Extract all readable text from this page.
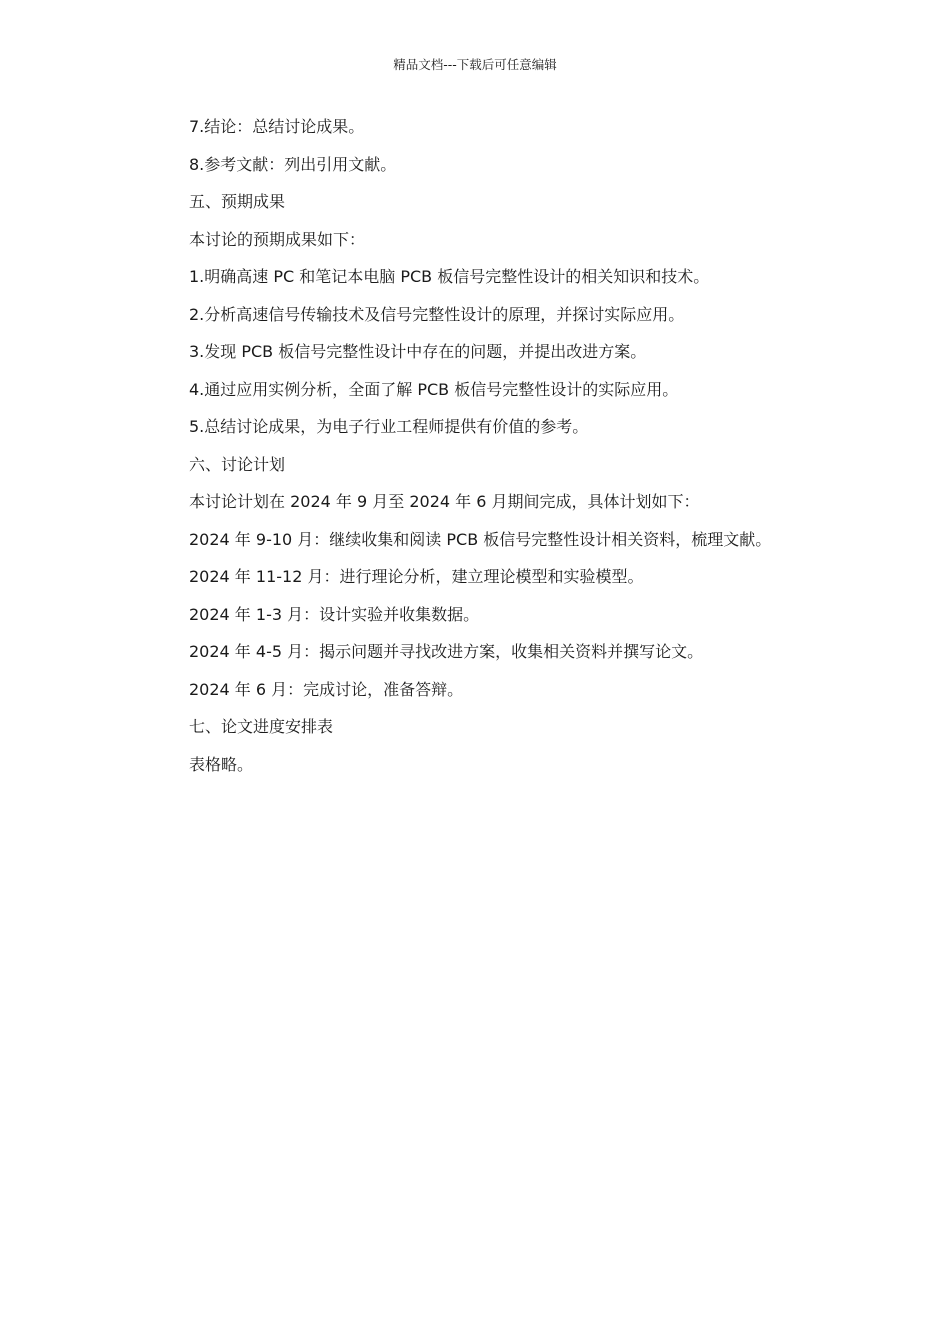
精品文档---下载后可任意编辑
7.结论：总结讨论成果。
8.参考文献：列出引用文献。
五、预期成果
本讨论的预期成果如下：
1.明确高速 PC 和笔记本电脑 PCB 板信号完整性设计的相关知识和技术。
2.分析高速信号传输技术及信号完整性设计的原理，并探讨实际应用。
3.发现 PCB 板信号完整性设计中存在的问题，并提出改进方案。
4.通过应用实例分析，全面了解 PCB 板信号完整性设计的实际应用。
5.总结讨论成果，为电子行业工程师提供有价值的参考。
六、讨论计划
本讨论计划在 2024 年 9 月至 2024 年 6 月期间完成，具体计划如下：
2024 年 9-10 月：继续收集和阅读 PCB 板信号完整性设计相关资料，梳理文献。
2024 年 11-12 月：进行理论分析，建立理论模型和实验模型。
2024 年 1-3 月：设计实验并收集数据。
2024 年 4-5 月：揭示问题并寻找改进方案，收集相关资料并撰写论文。
2024 年 6 月：完成讨论，准备答辩。
七、论文进度安排表
表格略。
